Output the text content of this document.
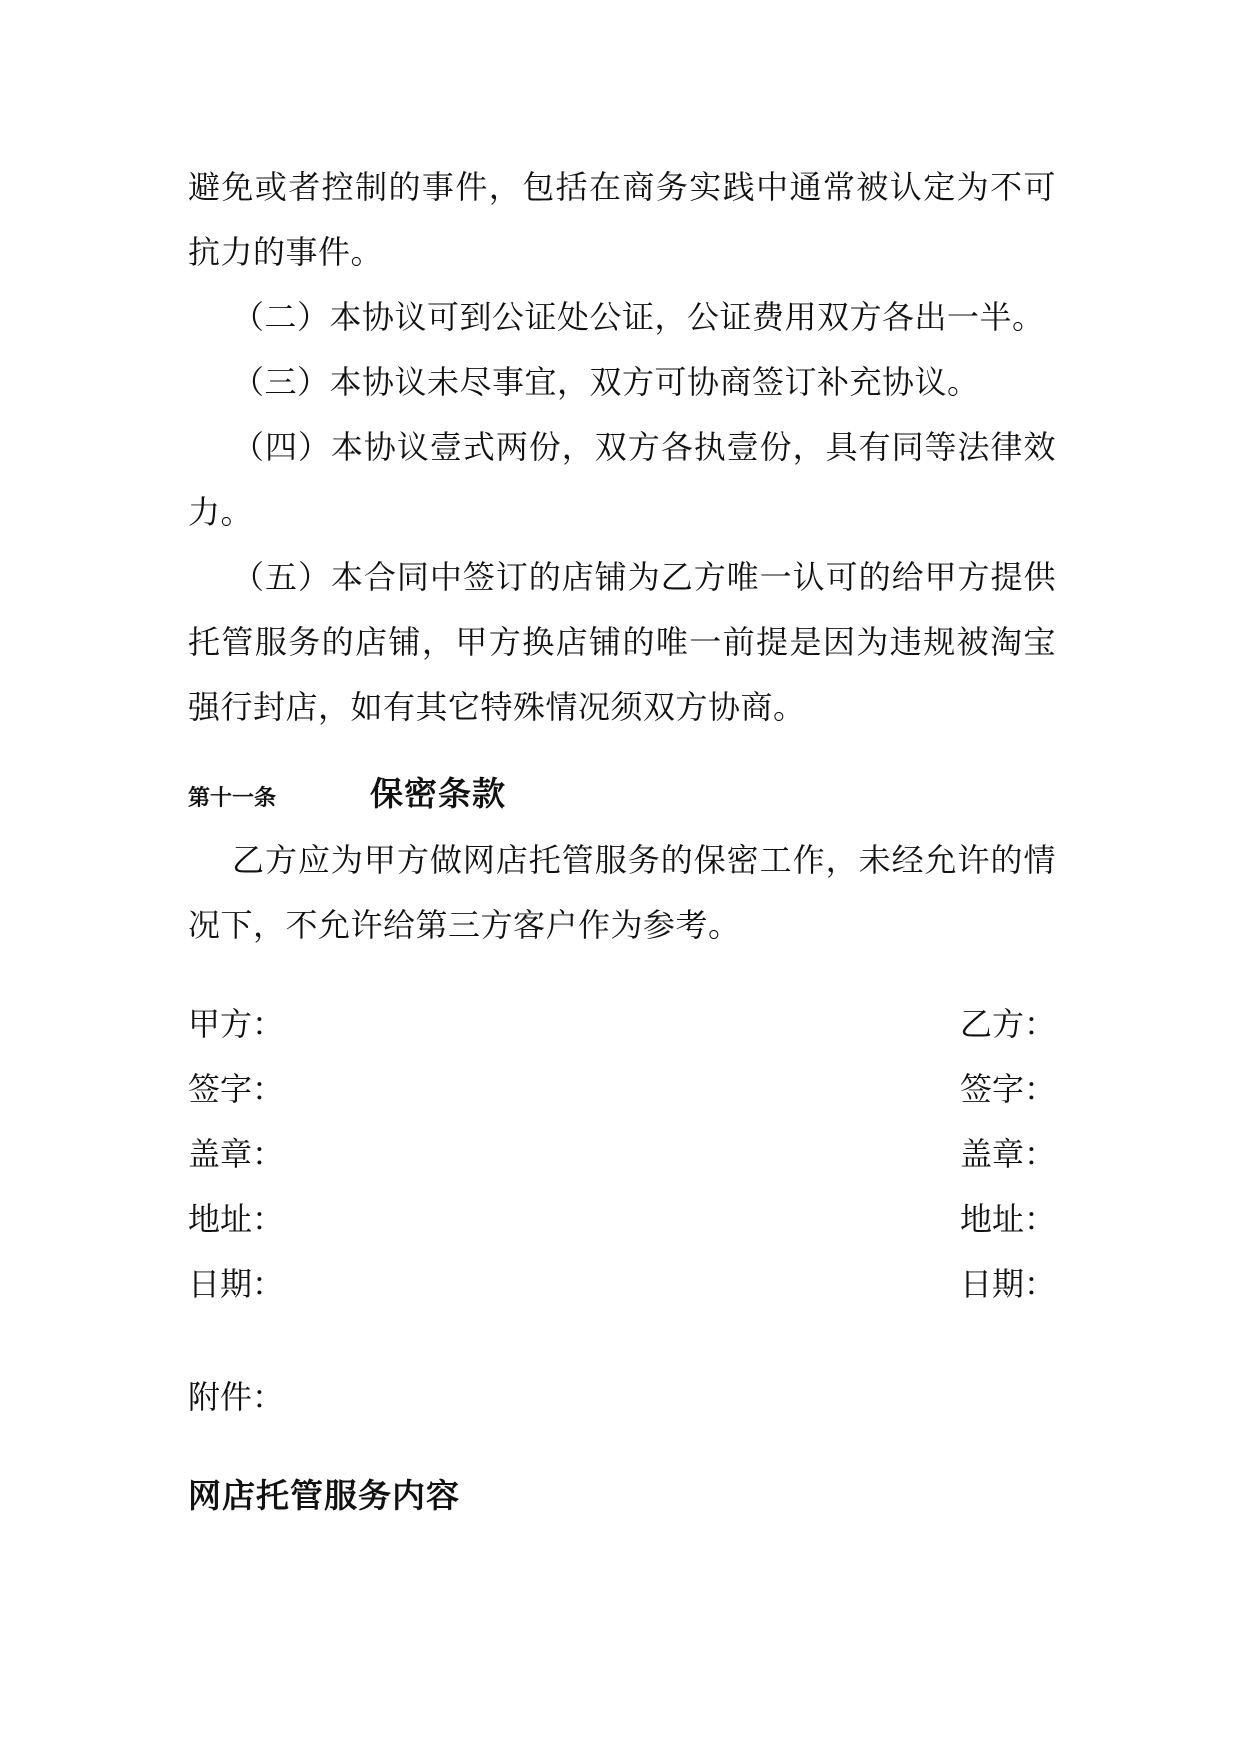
避免或者控制的事件，包括在商务实践中通常被认定为不可抗力的事件。

（二）本协议可到公证处公证，公证费用双方各出一半。

（三）本协议未尽事宜，双方可协商签订补充协议。

（四）本协议壹式两份，双方各执壹份，具有同等法律效力。

（五）本合同中签订的店铺为乙方唯一认可的给甲方提供托管服务的店铺，甲方换店铺的唯一前提是因为违规被淘宝强行封店，如有其它特殊情况须双方协商。

第十一条	保密条款

乙方应为甲方做网店托管服务的保密工作，未经允许的情况下，不允许给第三方客户作为参考。

甲方：	乙方：
签字：	签字：
盖章：	盖章：
地址：	地址：
日期：	日期：
附件：
网店托管服务内容
